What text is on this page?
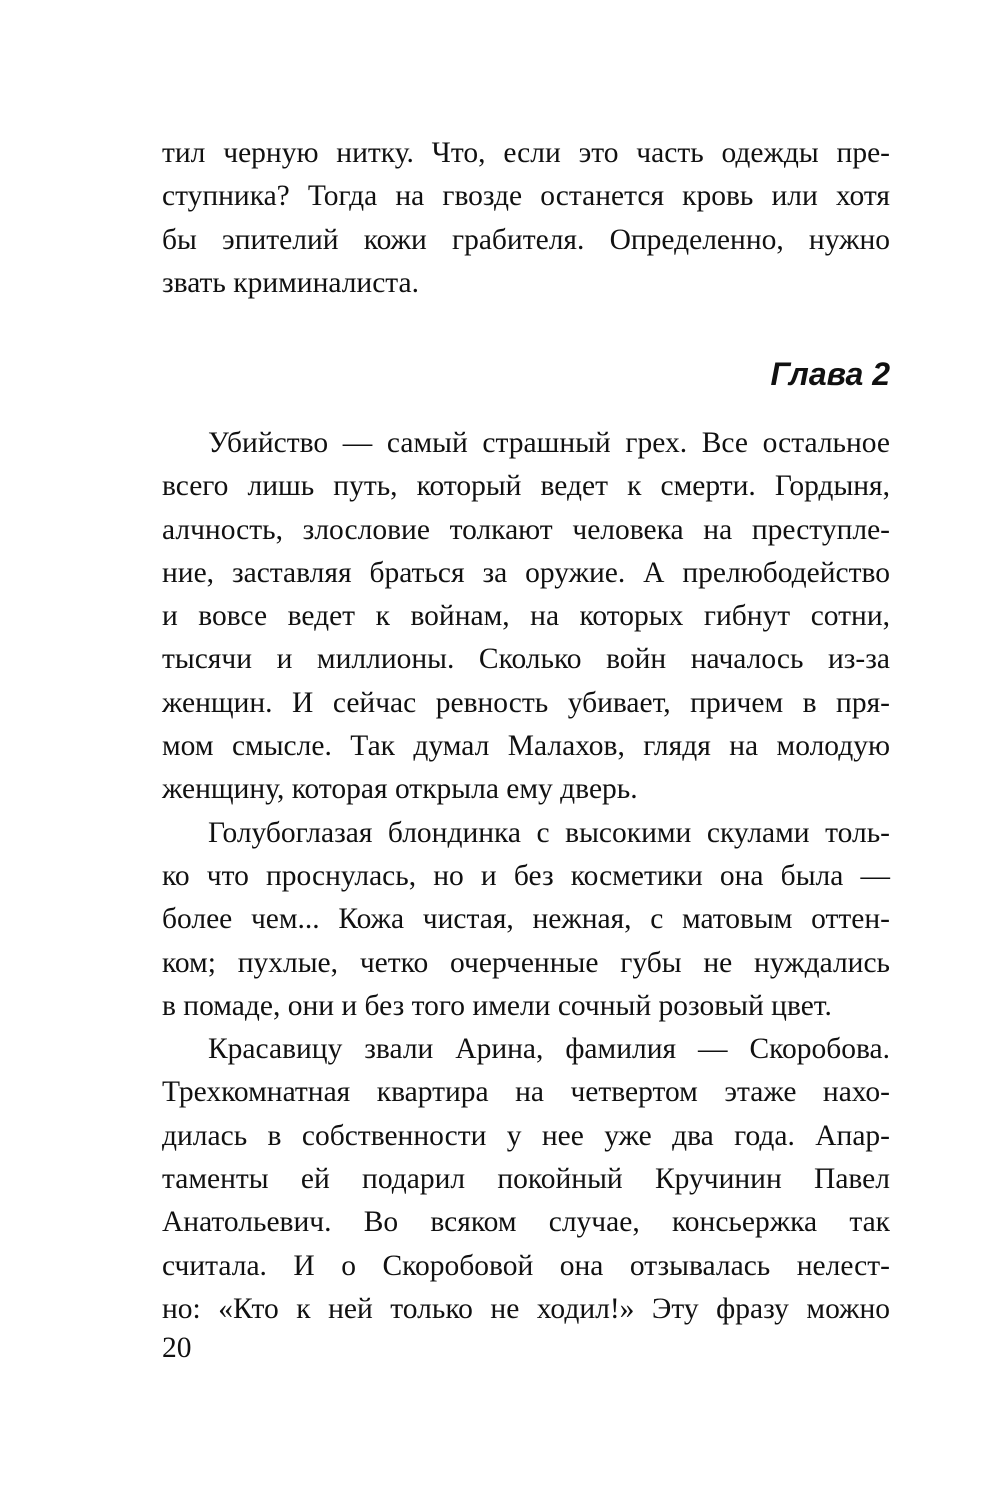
тил черную нитку. Что, если это часть одежды пре-
ступника? Тогда на гвозде останется кровь или хотя
бы эпителий кожи грабителя. Определенно, нужно
звать криминалиста.
Глава 2
Убийство — самый страшный грех. Все остальное
всего лишь путь, который ведет к смерти. Гордыня,
алчность, злословие толкают человека на преступле-
ние, заставляя браться за оружие. А прелюбодейство
и вовсе ведет к войнам, на которых гибнут сотни,
тысячи и миллионы. Сколько войн началось из-за
женщин. И сейчас ревность убивает, причем в пря-
мом смысле. Так думал Малахов, глядя на молодую
женщину, которая открыла ему дверь.
Голубоглазая блондинка с высокими скулами толь-
ко что проснулась, но и без косметики она была —
более чем... Кожа чистая, нежная, с матовым оттен-
ком; пухлые, четко очерченные губы не нуждались
в помаде, они и без того имели сочный розовый цвет.
Красавицу звали Арина, фамилия — Скоробова.
Трехкомнатная квартира на четвертом этаже нахо-
дилась в собственности у нее уже два года. Апар-
таменты ей подарил покойный Кручинин Павел
Анатольевич. Во всяком случае, консьержка так
считала. И о Скоробовой она отзывалась нелест-
но: «Кто к ней только не ходил!» Эту фразу можно
20
